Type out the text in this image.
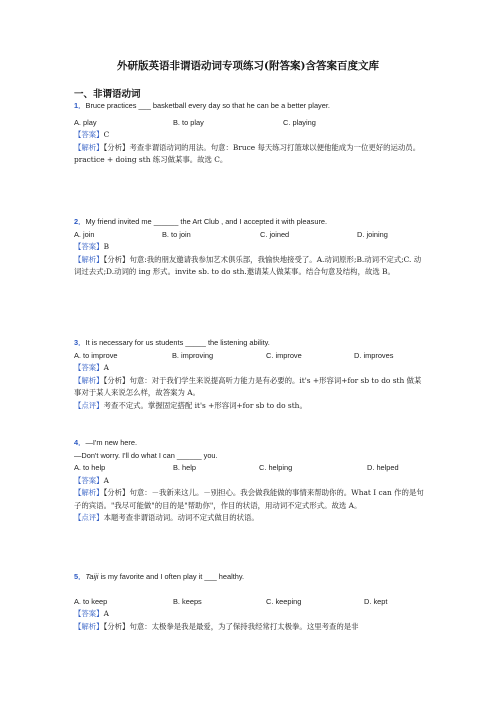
外研版英语非谓语动词专项练习(附答案)含答案百度文库
一、非谓语动词
1．Bruce practices ___ basketball every day so that he can be a better player.
A. play	B. to play	C. playing
【答案】C
【解析】【分析】考查非谓语动词的用法。句意：Bruce 每天练习打篮球以便他能成为一位更好的运动员。practice + doing sth 练习做某事。故选 C。
2．My friend invited me ______ the Art Club , and I accepted it with pleasure.
A. join	B. to join	C. joined	D. joining
【答案】B
【解析】【分析】句意:我的朋友邀请我参加艺术俱乐部，我愉快地接受了。A.动词原形;B.动词不定式;C. 动词过去式;D.动词的 ing 形式。invite sb. to do sth.邀请某人做某事。结合句意及结构，故选 B。
3．It is necessary for us students _____ the listening ability.
A. to improve	B. improving	C. improve	D. improves
【答案】A
【解析】【分析】句意：对于我们学生来说提高听力能力是有必要的。it's +形容词+for sb to do sth 做某事对于某人来说怎么样，故答案为 A。
【点评】考查不定式。掌握固定搭配 it's +形容词+for sb to do sth。
4．—I'm new here.
—Don't worry. I'll do what I can ______ you.
A. to help	B. help	C. helping	D. helped
【答案】A
【解析】【分析】句意：－我新来这儿。－别担心。我会做我能做的事情来帮助你的。What I can 作的是句子的宾语。"我尽可能做"的目的是"帮助你"，作目的状语，用动词不定式形式。故选 A。
【点评】本题考查非谓语动词。动词不定式做目的状语。
5．Taiji is my favorite and I often play it ___ healthy.
A. to keep	B. keeps	C. keeping	D. kept
【答案】A
【解析】【分析】句意：太极拳是我是最爱，为了保持我经常打太极拳。这里考查的是非
